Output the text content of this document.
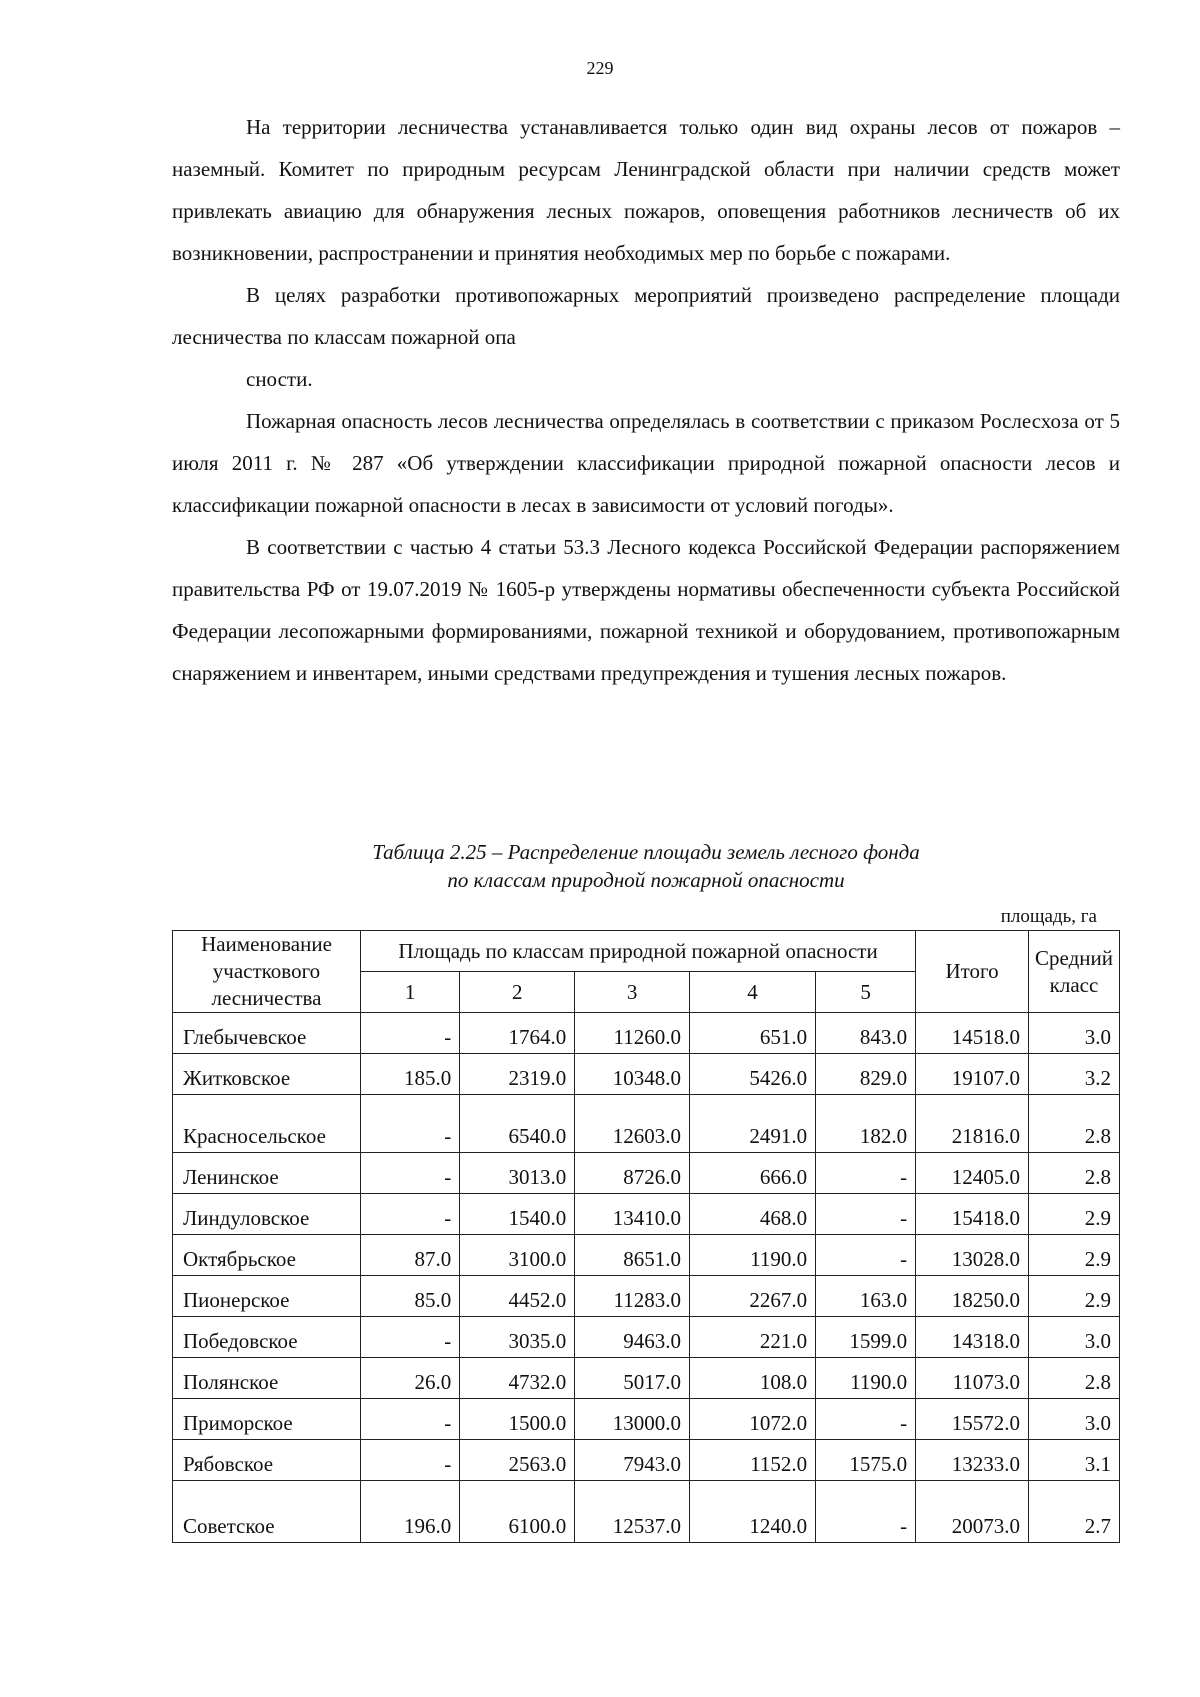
229

На территории лесничества устанавливается только один вид охраны лесов от пожаров – наземный. Комитет по природным ресурсам Ленинградской области при наличии средств может привлекать авиацию для обнаружения лесных пожаров, оповещения работников лесничеств об их возникновении, распространении и принятия необходимых мер по борьбе с пожарами.

В целях разработки противопожарных мероприятий произведено распределение площади лесничества по классам пожарной опа

сности.

Пожарная опасность лесов лесничества определялась в соответствии с приказом Рослесхоза от 5 июля 2011 г. № 287 «Об утверждении классификации природной пожарной опасности лесов и классификации пожарной опасности в лесах в зависимости от условий погоды».

В соответствии с частью 4 статьи 53.3 Лесного кодекса Российской Федерации распоряжением правительства РФ от 19.07.2019 № 1605-р утверждены нормативы обеспеченности субъекта Российской Федерации лесопожарными формированиями, пожарной техникой и оборудованием, противопожарным снаряжением и инвентарем, иными средствами предупреждения и тушения лесных пожаров.

Таблица 2.25 – Распределение площади земель лесного фонда
по классам природной пожарной опасности
площадь, га
Наименование участкового лесничества	Площадь по классам природной пожарной опасности					Итого	Средний класс
	1	2	3	4	5		
Глебычевское	-	1764.0	11260.0	651.0	843.0	14518.0	3.0
Житковское	185.0	2319.0	10348.0	5426.0	829.0	19107.0	3.2
Красносельское	-	6540.0	12603.0	2491.0	182.0	21816.0	2.8
Ленинское	-	3013.0	8726.0	666.0	-	12405.0	2.8
Линдуловское	-	1540.0	13410.0	468.0	-	15418.0	2.9
Октябрьское	87.0	3100.0	8651.0	1190.0	-	13028.0	2.9
Пионерское	85.0	4452.0	11283.0	2267.0	163.0	18250.0	2.9
Победовское	-	3035.0	9463.0	221.0	1599.0	14318.0	3.0
Полянское	26.0	4732.0	5017.0	108.0	1190.0	11073.0	2.8
Приморское	-	1500.0	13000.0	1072.0	-	15572.0	3.0
Рябовское	-	2563.0	7943.0	1152.0	1575.0	13233.0	3.1
Советское	196.0	6100.0	12537.0	1240.0	-	20073.0	2.7
